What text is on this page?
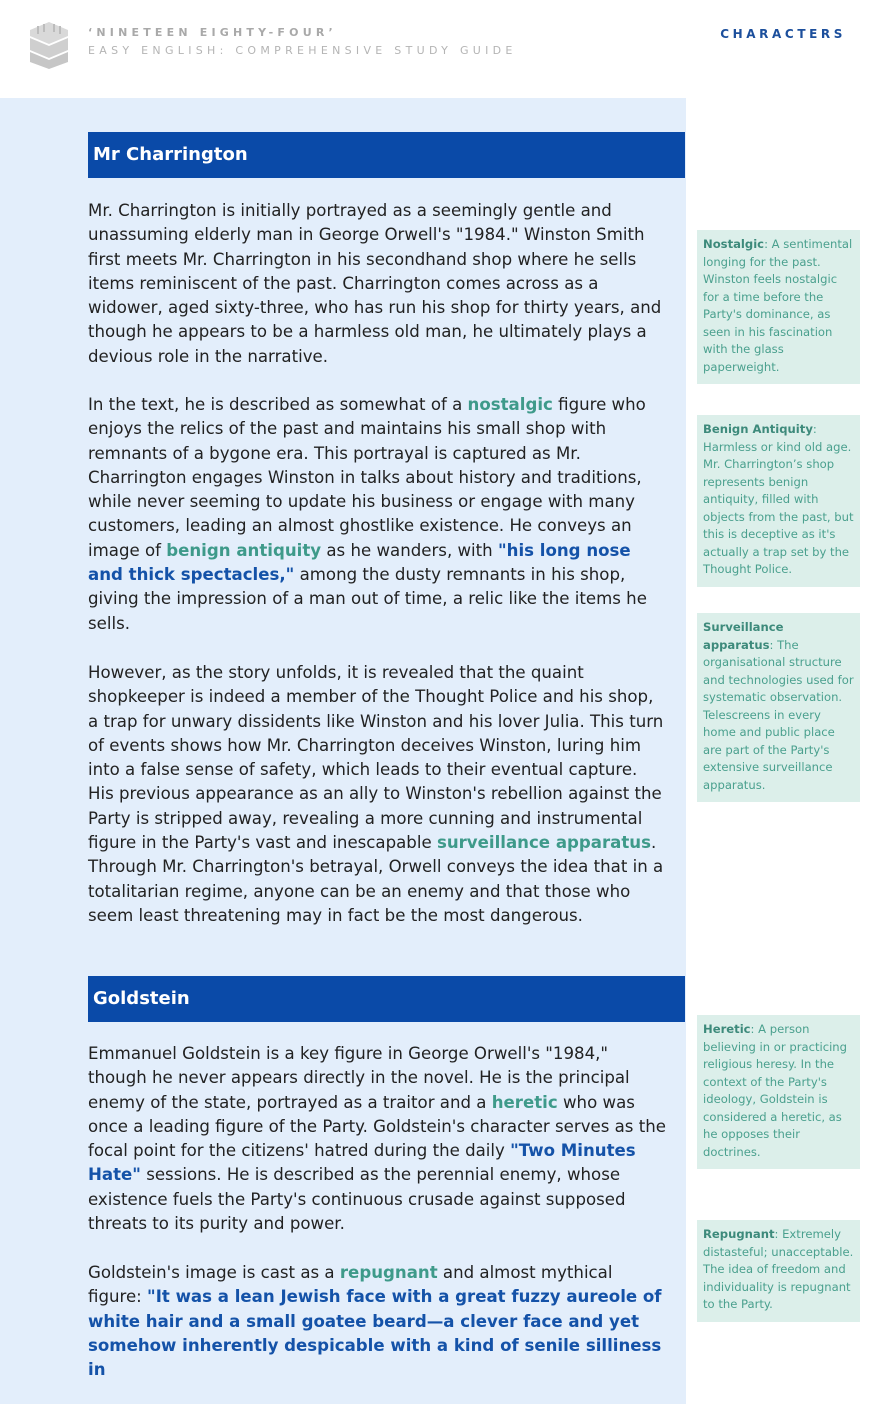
‘NINETEEN EIGHTY-FOUR’
EASY ENGLISH: COMPREHENSIVE STUDY GUIDE
CHARACTERS
Mr Charrington

Mr. Charrington is initially portrayed as a seemingly gentle and unassuming elderly man in George Orwell's "1984." Winston Smith first meets Mr. Charrington in his secondhand shop where he sells items reminiscent of the past. Charrington comes across as a widower, aged sixty-three, who has run his shop for thirty years, and though he appears to be a harmless old man, he ultimately plays a devious role in the narrative.

In the text, he is described as somewhat of a nostalgic figure who enjoys the relics of the past and maintains his small shop with remnants of a bygone era. This portrayal is captured as Mr. Charrington engages Winston in talks about history and traditions, while never seeming to update his business or engage with many customers, leading an almost ghostlike existence. He conveys an image of benign antiquity as he wanders, with "his long nose and thick spectacles," among the dusty remnants in his shop, giving the impression of a man out of time, a relic like the items he sells.

However, as the story unfolds, it is revealed that the quaint shopkeeper is indeed a member of the Thought Police and his shop, a trap for unwary dissidents like Winston and his lover Julia. This turn of events shows how Mr. Charrington deceives Winston, luring him into a false sense of safety, which leads to their eventual capture. His previous appearance as an ally to Winston's rebellion against the Party is stripped away, revealing a more cunning and instrumental figure in the Party's vast and inescapable surveillance apparatus. Through Mr. Charrington's betrayal, Orwell conveys the idea that in a totalitarian regime, anyone can be an enemy and that those who seem least threatening may in fact be the most dangerous.

Goldstein

Emmanuel Goldstein is a key figure in George Orwell's "1984," though he never appears directly in the novel. He is the principal enemy of the state, portrayed as a traitor and a heretic who was once a leading figure of the Party. Goldstein's character serves as the focal point for the citizens' hatred during the daily "Two Minutes Hate" sessions. He is described as the perennial enemy, whose existence fuels the Party's continuous crusade against supposed threats to its purity and power.

Goldstein's image is cast as a repugnant and almost mythical figure: "It was a lean Jewish face with a great fuzzy aureole of white hair and a small goatee beard—a clever face and yet somehow inherently despicable with a kind of senile silliness in

Nostalgic: A sentimental longing for the past. Winston feels nostalgic for a time before the Party's dominance, as seen in his fascination with the glass paperweight.
Benign Antiquity: Harmless or kind old age. Mr. Charrington’s shop represents benign antiquity, filled with objects from the past, but this is deceptive as it's actually a trap set by the Thought Police.
Surveillance apparatus: The organisational structure and technologies used for systematic observation. Telescreens in every home and public place are part of the Party's extensive surveillance apparatus.
Heretic: A person believing in or practicing religious heresy. In the context of the Party's ideology, Goldstein is considered a heretic, as he opposes their doctrines.
Repugnant: Extremely distasteful; unacceptable. The idea of freedom and individuality is repugnant to the Party.
